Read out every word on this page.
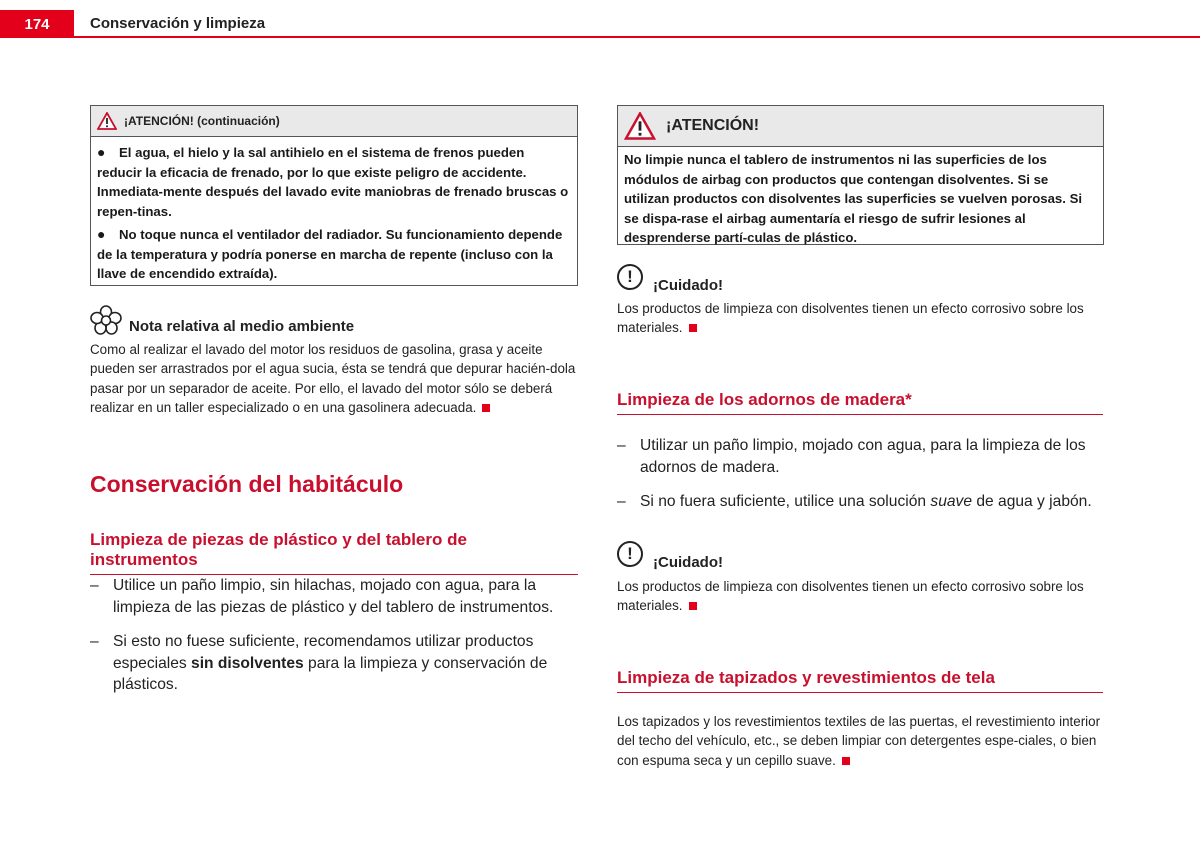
174	Conservación y limpieza
¡ATENCIÓN! (continuación)

● El agua, el hielo y la sal antihielo en el sistema de frenos pueden reducir la eficacia de frenado, por lo que existe peligro de accidente. Inmediata-mente después del lavado evite maniobras de frenado bruscas o repen-tinas.

● No toque nunca el ventilador del radiador. Su funcionamiento depende de la temperatura y podría ponerse en marcha de repente (incluso con la llave de encendido extraída).

Nota relativa al medio ambiente
Como al realizar el lavado del motor los residuos de gasolina, grasa y aceite pueden ser arrastrados por el agua sucia, ésta se tendrá que depurar hacién-dola pasar por un separador de aceite. Por ello, el lavado del motor sólo se deberá realizar en un taller especializado o en una gasolinera adecuada.
Conservación del habitáculo
Limpieza de piezas de plástico y del tablero de instrumentos
– Utilice un paño limpio, sin hilachas, mojado con agua, para la limpieza de las piezas de plástico y del tablero de instrumentos.
– Si esto no fuese suficiente, recomendamos utilizar productos especiales sin disolventes para la limpieza y conservación de plásticos.
¡ATENCIÓN!
No limpie nunca el tablero de instrumentos ni las superficies de los módulos de airbag con productos que contengan disolventes. Si se utilizan productos con disolventes las superficies se vuelven porosas. Si se dispa-rase el airbag aumentaría el riesgo de sufrir lesiones al desprenderse partí-culas de plástico.
!	¡Cuidado!
Los productos de limpieza con disolventes tienen un efecto corrosivo sobre los materiales.
Limpieza de los adornos de madera*
– Utilizar un paño limpio, mojado con agua, para la limpieza de los adornos de madera.
– Si no fuera suficiente, utilice una solución suave de agua y jabón.
!	¡Cuidado!
Los productos de limpieza con disolventes tienen un efecto corrosivo sobre los materiales.
Limpieza de tapizados y revestimientos de tela
Los tapizados y los revestimientos textiles de las puertas, el revestimiento interior del techo del vehículo, etc., se deben limpiar con detergentes espe-ciales, o bien con espuma seca y un cepillo suave.
